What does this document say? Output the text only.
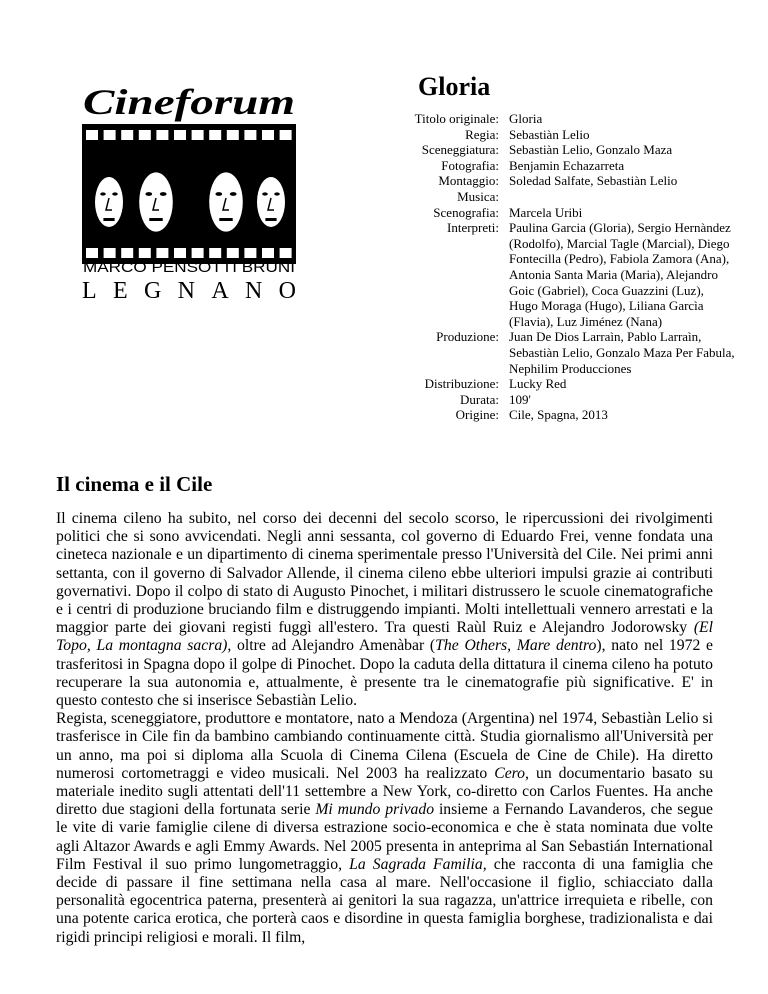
Cineforum
MARCO PENSOTTI BRUNI
LEGNANO
Gloria
Titolo originale:	Gloria
Regia:	Sebastiàn Lelio
Sceneggiatura:	Sebastiàn Lelio, Gonzalo Maza
Fotografia:	Benjamin Echazarreta
Montaggio:	Soledad Salfate, Sebastiàn Lelio
Musica:	
Scenografia:	Marcela Uribi
Interpreti:	Paulina Garcia (Gloria), Sergio Hernàndez (Rodolfo), Marcial Tagle (Marcial), Diego Fontecilla (Pedro), Fabiola Zamora (Ana), Antonia Santa Maria (Maria), Alejandro Goic (Gabriel), Coca Guazzini (Luz), Hugo Moraga (Hugo), Liliana Garcìa (Flavia), Luz Jiménez (Nana)
Produzione:	Juan De Dios Larraìn, Pablo Larraìn, Sebastiàn Lelio, Gonzalo Maza Per Fabula, Nephilim Producciones
Distribuzione:	Lucky Red
Durata:	109'
Origine:	Cile, Spagna, 2013
Il cinema e il Cile

Il cinema cileno ha subito, nel corso dei decenni del secolo scorso, le ripercussioni dei rivolgimenti politici che si sono avvicendati. Negli anni sessanta, col governo di Eduardo Frei, venne fondata una cineteca nazionale e un dipartimento di cinema sperimentale presso l'Università del Cile. Nei primi anni settanta, con il governo di Salvador Allende, il cinema cileno ebbe ulteriori impulsi grazie ai contributi governativi. Dopo il colpo di stato di Augusto Pinochet, i militari distrussero le scuole cinematografiche e i centri di produzione bruciando film e distruggendo impianti. Molti intellettuali vennero arrestati e la maggior parte dei giovani registi fuggì all'estero. Tra questi Raùl Ruiz e Alejandro Jodorowsky (El Topo, La montagna sacra), oltre ad Alejandro Amenàbar (The Others, Mare dentro), nato nel 1972 e trasferitosi in Spagna dopo il golpe di Pinochet. Dopo la caduta della dittatura il cinema cileno ha potuto recuperare la sua autonomia e, attualmente, è presente tra le cinematografie più significative. E' in questo contesto che si inserisce Sebastiàn Lelio.

Regista, sceneggiatore, produttore e montatore, nato a Mendoza (Argentina) nel 1974, Sebastiàn Lelio si trasferisce in Cile fin da bambino cambiando continuamente città. Studia giornalismo all'Università per un anno, ma poi si diploma alla Scuola di Cinema Cilena (Escuela de Cine de Chile). Ha diretto numerosi cortometraggi e video musicali. Nel 2003 ha realizzato Cero, un documentario basato su materiale inedito sugli attentati dell'11 settembre a New York, co-diretto con Carlos Fuentes. Ha anche diretto due stagioni della fortunata serie Mi mundo privado insieme a Fernando Lavanderos, che segue le vite di varie famiglie cilene di diversa estrazione socio-economica e che è stata nominata due volte agli Altazor Awards e agli Emmy Awards. Nel 2005 presenta in anteprima al San Sebastián International Film Festival il suo primo lungometraggio, La Sagrada Familia, che racconta di una famiglia che decide di passare il fine settimana nella casa al mare. Nell'occasione il figlio, schiacciato dalla personalità egocentrica paterna, presenterà ai genitori la sua ragazza, un'attrice irrequieta e ribelle, con una potente carica erotica, che porterà caos e disordine in questa famiglia borghese, tradizionalista e dai rigidi principi religiosi e morali. Il film,
